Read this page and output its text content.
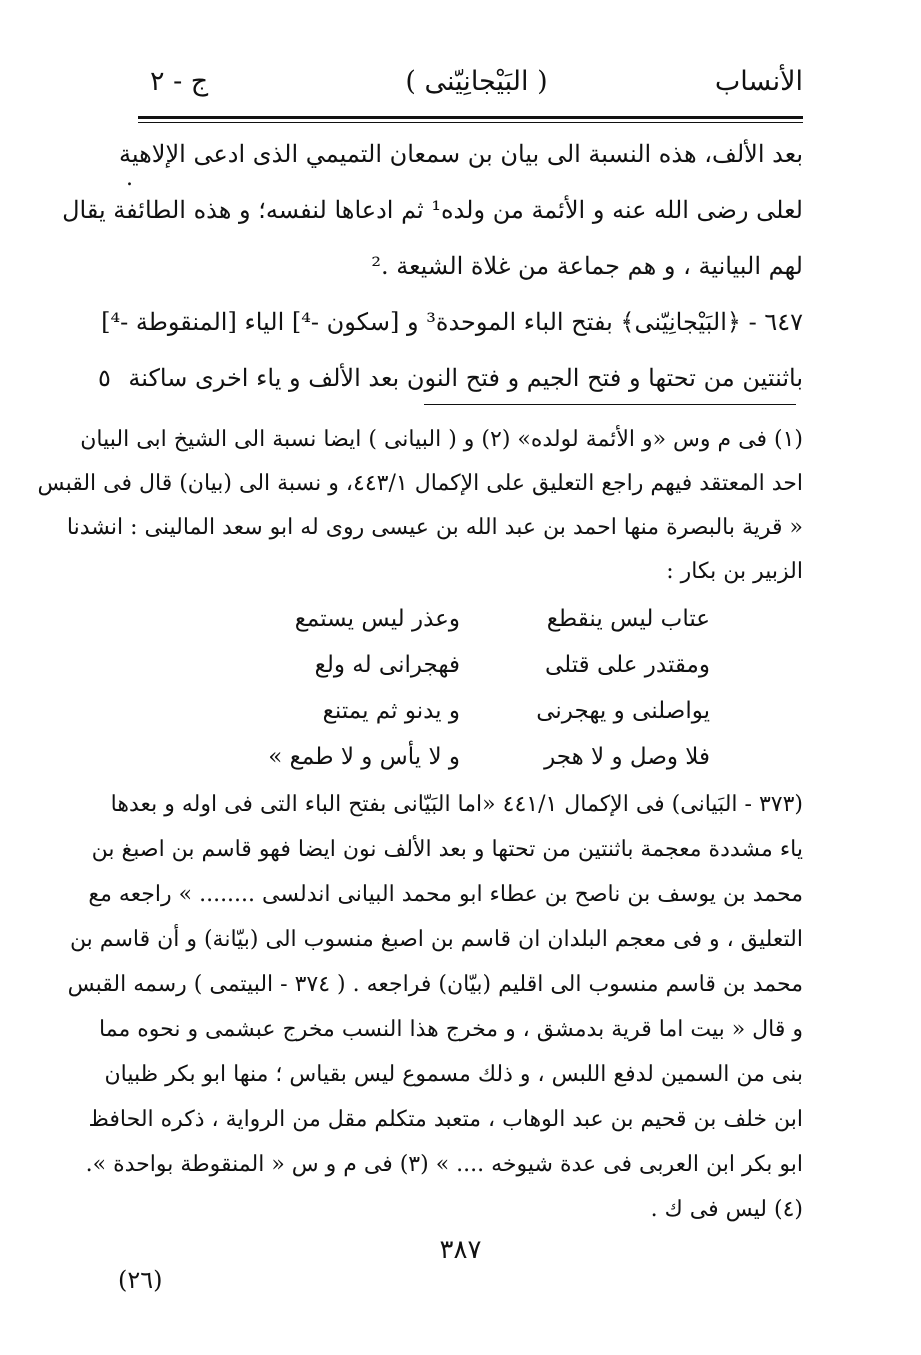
الأنساب
( البَيْجانِيّنى )
ج - ٢
.
بعد الألف، هذه النسبة الى بيان بن سمعان التميمي الذى ادعى الإلاهية
لعلى رضى الله عنه و الأئمة من ولده¹ ثم ادعاها لنفسه؛ و هذه الطائفة يقال
لهم البيانية ، و هم جماعة من غلاة الشيعة .²
٦٤٧ - ﴿البَيْجانِيّنى﴾ بفتح الباء الموحدة³ و [سكون -⁴] الياء [المنقوطة -⁴]
باثنتين من تحتها و فتح الجيم و فتح النون بعد الألف و ياء اخرى ساكنة
٥
(١) فى م وس «و الأئمة لولده» (٢) و ( البيانى ) ايضا نسبة الى الشيخ ابى البيان
احد المعتقد فيهم راجع التعليق على الإكمال ٤٤٣/١، و نسبة الى (بيان) قال فى القبس
« قرية بالبصرة منها احمد بن عبد الله بن عيسى روى له ابو سعد المالينى : انشدنا
الزبير بن بكار :
عتاب ليس ينقطع
وعذر ليس يستمع
ومقتدر على قتلى
فهجرانى له ولع
يواصلنى و يهجرنى
و يدنو ثم يمتنع
فلا وصل و لا هجر
و لا يأس و لا طمع »
(٣٧٣ - البَيانى) فى الإكمال ٤٤١/١ «اما البَيّانى بفتح الباء التى فى اوله و بعدها
ياء مشددة معجمة باثنتين من تحتها و بعد الألف نون ايضا فهو قاسم بن اصبغ بن
محمد بن يوسف بن ناصح بن عطاء ابو محمد البيانى اندلسى ........ » راجعه مع
التعليق ، و فى معجم البلدان ان قاسم بن اصبغ منسوب الى (بيّانة) و أن قاسم بن
محمد بن قاسم منسوب الى اقليم (بيّان) فراجعه . ( ٣٧٤ - البيتمى ) رسمه القبس
و قال « بيت اما قرية بدمشق ، و مخرج هذا النسب مخرج عبشمى و نحوه مما
بنى من السمين لدفع اللبس ، و ذلك مسموع ليس بقياس ؛ منها ابو بكر ظبيان
ابن خلف بن قحيم بن عبد الوهاب ، متعبد متكلم مقل من الرواية ، ذكره الحافظ
ابو بكر ابن العربى فى عدة شيوخه .... » (٣) فى م و س « المنقوطة بواحدة ».
(٤) ليس فى ك .
٣٨٧
(٢٦)
